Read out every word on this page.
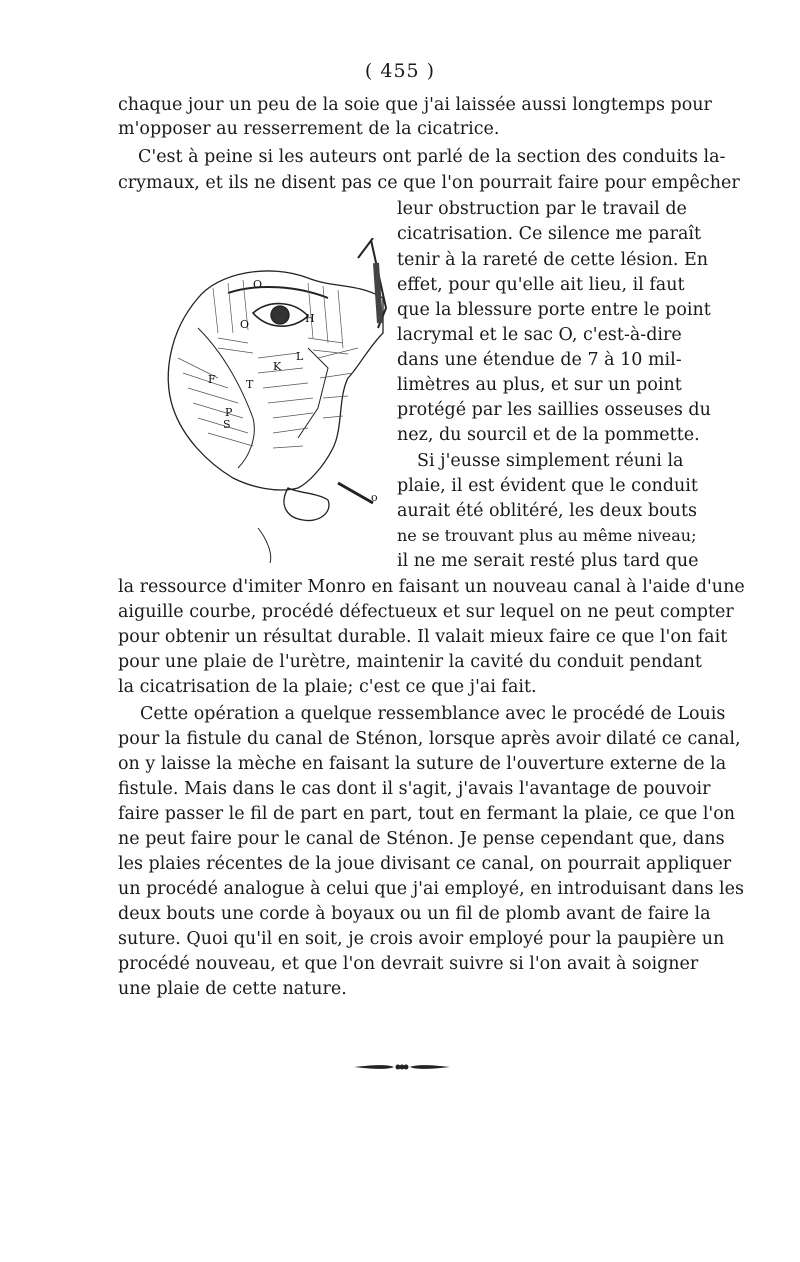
( 455 )

O
O	H
L
K
F	T
P
S
o
chaque jour un peu de la soie que j'ai laissée aussi longtemps pour
m'opposer au resserrement de la cicatrice.
C'est à peine si les auteurs ont parlé de la section des conduits la-
crymaux, et ils ne disent pas ce que l'on pourrait faire pour empêcher
leur obstruction par le travail de
cicatrisation. Ce silence me paraît
tenir à la rareté de cette lésion. En
effet, pour qu'elle ait lieu, il faut
que la blessure porte entre le point
lacrymal et le sac O, c'est-à-dire
dans une étendue de 7 à 10 mil-
limètres au plus, et sur un point
protégé par les saillies osseuses du
nez, du sourcil et de la pommette.
Si j'eusse simplement réuni la
plaie, il est évident que le conduit
aurait été oblitéré, les deux bouts
ne se trouvant plus au même niveau;
il ne me serait resté plus tard que
la ressource d'imiter Monro en faisant un nouveau canal à l'aide d'une
aiguille courbe, procédé défectueux et sur lequel on ne peut compter
pour obtenir un résultat durable. Il valait mieux faire ce que l'on fait
pour une plaie de l'urètre, maintenir la cavité du conduit pendant
la cicatrisation de la plaie; c'est ce que j'ai fait.
Cette opération a quelque ressemblance avec le procédé de Louis
pour la fistule du canal de Sténon, lorsque après avoir dilaté ce canal,
on y laisse la mèche en faisant la suture de l'ouverture externe de la
fistule. Mais dans le cas dont il s'agit, j'avais l'avantage de pouvoir
faire passer le fil de part en part, tout en fermant la plaie, ce que l'on
ne peut faire pour le canal de Sténon. Je pense cependant que, dans
les plaies récentes de la joue divisant ce canal, on pourrait appliquer
un procédé analogue à celui que j'ai employé, en introduisant dans les
deux bouts une corde à boyaux ou un fil de plomb avant de faire la
suture. Quoi qu'il en soit, je crois avoir employé pour la paupière un
procédé nouveau, et que l'on devrait suivre si l'on avait à soigner
une plaie de cette nature.
